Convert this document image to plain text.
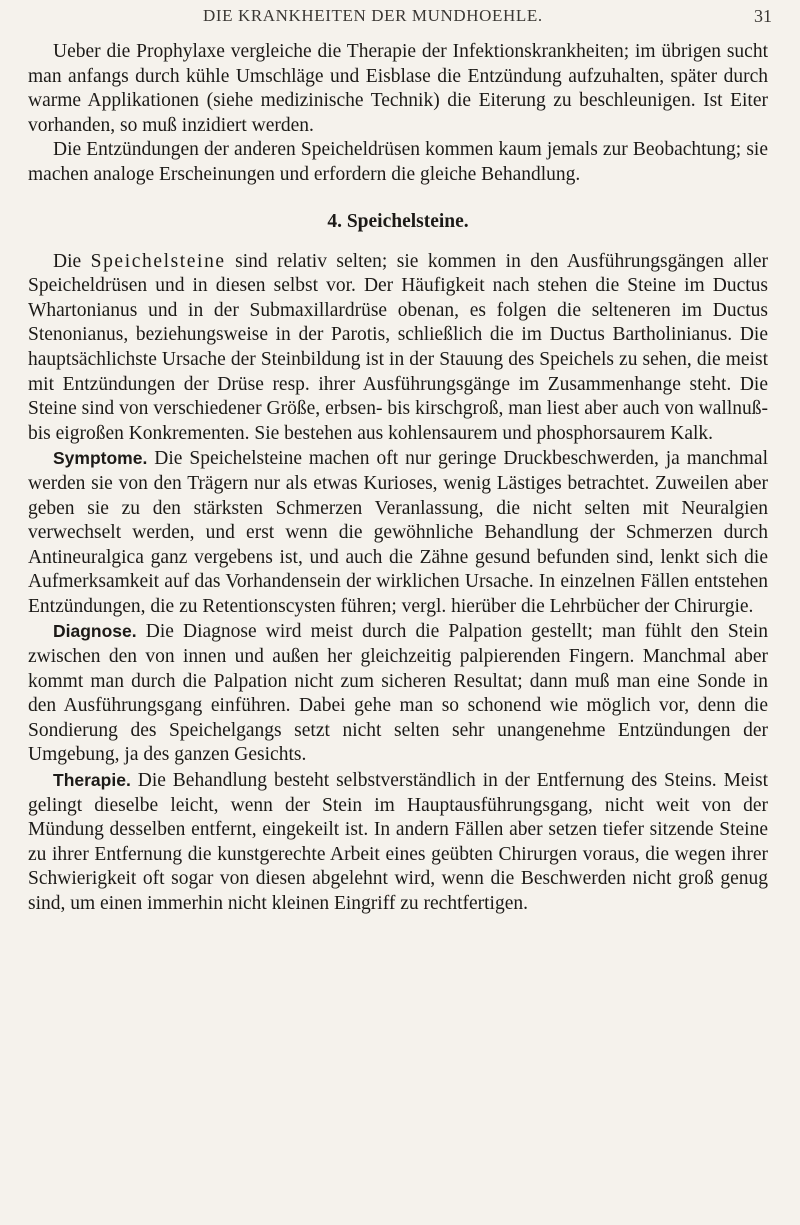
DIE KRANKHEITEN DER MUNDHOEHLE.	31

Ueber die Prophylaxe vergleiche die Therapie der Infektionskrankheiten; im übrigen sucht man anfangs durch kühle Umschläge und Eisblase die Entzündung aufzuhalten, später durch warme Applikationen (siehe medizinische Technik) die Eiterung zu beschleunigen. Ist Eiter vorhanden, so muß inzidiert werden.

Die Entzündungen der anderen Speicheldrüsen kommen kaum jemals zur Beobachtung; sie machen analoge Erscheinungen und erfordern die gleiche Behandlung.

4. Speichelsteine.

Die Speichelsteine sind relativ selten; sie kommen in den Ausführungsgängen aller Speicheldrüsen und in diesen selbst vor. Der Häufigkeit nach stehen die Steine im Ductus Whartonianus und in der Submaxillardrüse obenan, es folgen die selteneren im Ductus Stenonianus, beziehungsweise in der Parotis, schließlich die im Ductus Bartholinianus. Die hauptsächlichste Ursache der Steinbildung ist in der Stauung des Speichels zu sehen, die meist mit Entzündungen der Drüse resp. ihrer Ausführungsgänge im Zusammenhange steht. Die Steine sind von verschiedener Größe, erbsen- bis kirschgroß, man liest aber auch von wallnuß- bis eigroßen Konkrementen. Sie bestehen aus kohlensaurem und phosphorsaurem Kalk.

Symptome. Die Speichelsteine machen oft nur geringe Druckbeschwerden, ja manchmal werden sie von den Trägern nur als etwas Kurioses, wenig Lästiges betrachtet. Zuweilen aber geben sie zu den stärksten Schmerzen Veranlassung, die nicht selten mit Neuralgien verwechselt werden, und erst wenn die gewöhnliche Behandlung der Schmerzen durch Antineuralgica ganz vergebens ist, und auch die Zähne gesund befunden sind, lenkt sich die Aufmerksamkeit auf das Vorhandensein der wirklichen Ursache. In einzelnen Fällen entstehen Entzündungen, die zu Retentionscysten führen; vergl. hierüber die Lehrbücher der Chirurgie.

Diagnose. Die Diagnose wird meist durch die Palpation gestellt; man fühlt den Stein zwischen den von innen und außen her gleichzeitig palpierenden Fingern. Manchmal aber kommt man durch die Palpation nicht zum sicheren Resultat; dann muß man eine Sonde in den Ausführungsgang einführen. Dabei gehe man so schonend wie möglich vor, denn die Sondierung des Speichelgangs setzt nicht selten sehr unangenehme Entzündungen der Umgebung, ja des ganzen Gesichts.

Therapie. Die Behandlung besteht selbstverständlich in der Entfernung des Steins. Meist gelingt dieselbe leicht, wenn der Stein im Hauptausführungsgang, nicht weit von der Mündung desselben entfernt, eingekeilt ist. In andern Fällen aber setzen tiefer sitzende Steine zu ihrer Entfernung die kunstgerechte Arbeit eines geübten Chirurgen voraus, die wegen ihrer Schwierigkeit oft sogar von diesen abgelehnt wird, wenn die Beschwerden nicht groß genug sind, um einen immerhin nicht kleinen Eingriff zu rechtfertigen.
